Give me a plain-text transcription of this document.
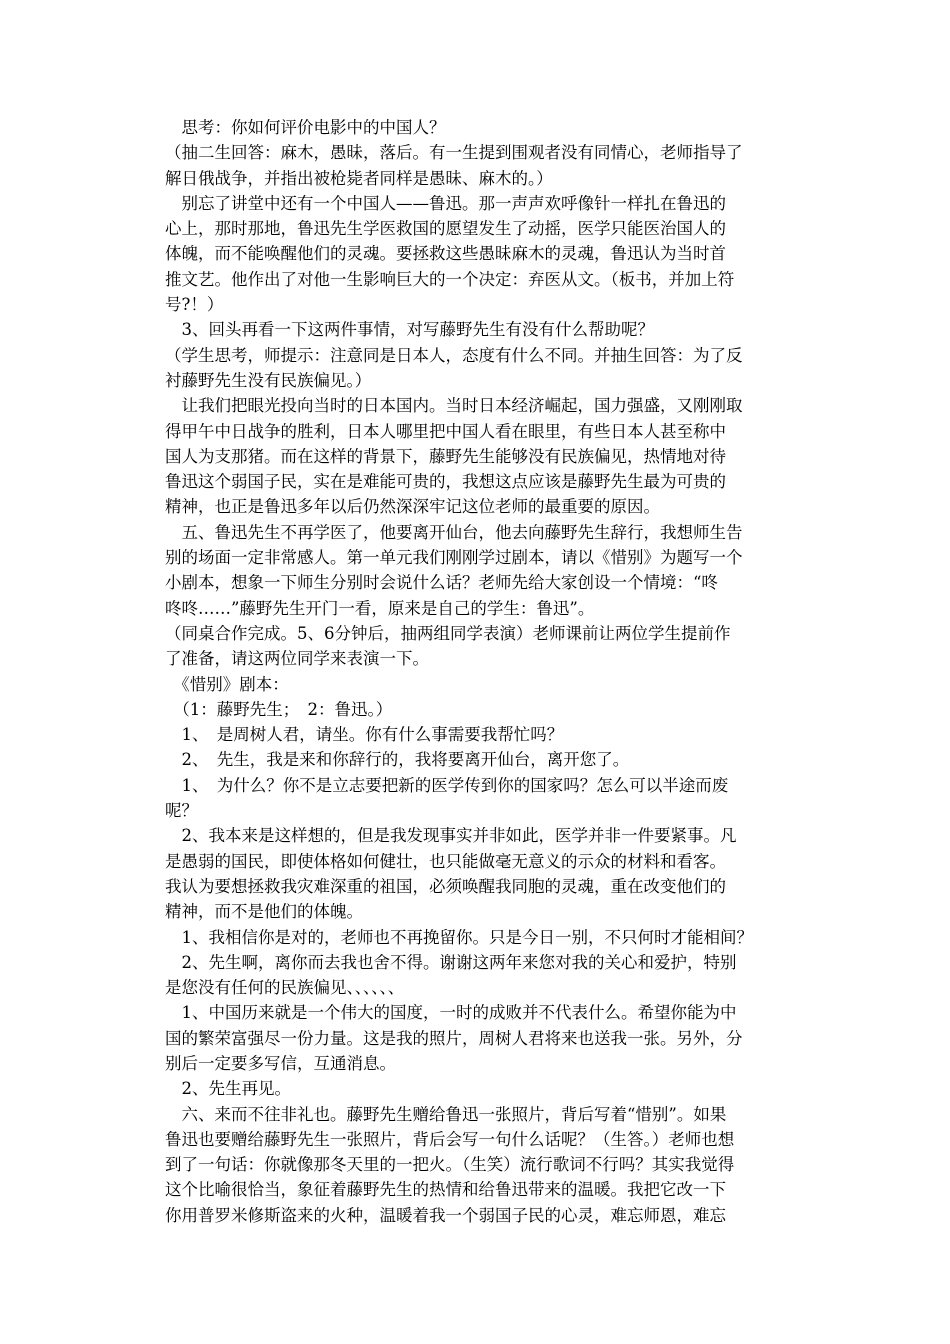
　思考：你如何评价电影中的中国人？
（抽二生回答：麻木，愚昧，落后。有一生提到围观者没有同情心，老师指导了
解日俄战争，并指出被枪毙者同样是愚昧、麻木的。）
　别忘了讲堂中还有一个中国人——鲁迅。那一声声欢呼像针一样扎在鲁迅的
心上，那时那地，鲁迅先生学医救国的愿望发生了动摇，医学只能医治国人的
体魄，而不能唤醒他们的灵魂。要拯救这些愚昧麻木的灵魂，鲁迅认为当时首
推文艺。他作出了对他一生影响巨大的一个决定：弃医从文。（板书，并加上符
号?！）
　3、回头再看一下这两件事情，对写藤野先生有没有什么帮助呢？
（学生思考，师提示：注意同是日本人，态度有什么不同。并抽生回答：为了反
衬藤野先生没有民族偏见。）
　让我们把眼光投向当时的日本国内。当时日本经济崛起，国力强盛，又刚刚取
得甲午中日战争的胜利，日本人哪里把中国人看在眼里，有些日本人甚至称中
国人为支那猪。而在这样的背景下，藤野先生能够没有民族偏见，热情地对待
鲁迅这个弱国子民，实在是难能可贵的，我想这点应该是藤野先生最为可贵的
精神，也正是鲁迅多年以后仍然深深牢记这位老师的最重要的原因。
　五、鲁迅先生不再学医了，他要离开仙台，他去向藤野先生辞行，我想师生告
别的场面一定非常感人。第一单元我们刚刚学过剧本，请以《惜别》为题写一个
小剧本，想象一下师生分别时会说什么话？老师先给大家创设一个情境：“咚
咚咚……”藤野先生开门一看，原来是自己的学生：鲁迅”。
（同桌合作完成。5、6分钟后，抽两组同学表演）老师课前让两位学生提前作
了准备，请这两位同学来表演一下。
　《惜别》剧本：
　（1：藤野先生；　2：鲁迅。）
　1、　是周树人君，请坐。你有什么事需要我帮忙吗？
　2、　先生，我是来和你辞行的，我将要离开仙台，离开您了。
　1、　为什么？你不是立志要把新的医学传到你的国家吗？怎么可以半途而废
呢？
　2、我本来是这样想的，但是我发现事实并非如此，医学并非一件要紧事。凡
是愚弱的国民，即使体格如何健壮，也只能做毫无意义的示众的材料和看客。
我认为要想拯救我灾难深重的祖国，必须唤醒我同胞的灵魂，重在改变他们的
精神，而不是他们的体魄。
　1、我相信你是对的，老师也不再挽留你。只是今日一别，不只何时才能相间？
　2、先生啊，离你而去我也舍不得。谢谢这两年来您对我的关心和爱护，特别
是您没有任何的民族偏见、、、、、、
　1、中国历来就是一个伟大的国度，一时的成败并不代表什么。希望你能为中
国的繁荣富强尽一份力量。这是我的照片，周树人君将来也送我一张。另外，分
别后一定要多写信，互通消息。
　2、先生再见。
　六、来而不往非礼也。藤野先生赠给鲁迅一张照片，背后写着“惜别”。如果
鲁迅也要赠给藤野先生一张照片，背后会写一句什么话呢？（生答。）老师也想
到了一句话：你就像那冬天里的一把火。（生笑）流行歌词不行吗？其实我觉得
这个比喻很恰当，象征着藤野先生的热情和给鲁迅带来的温暖。我把它改一下
你用普罗米修斯盗来的火种，温暖着我一个弱国子民的心灵，难忘师恩，难忘
